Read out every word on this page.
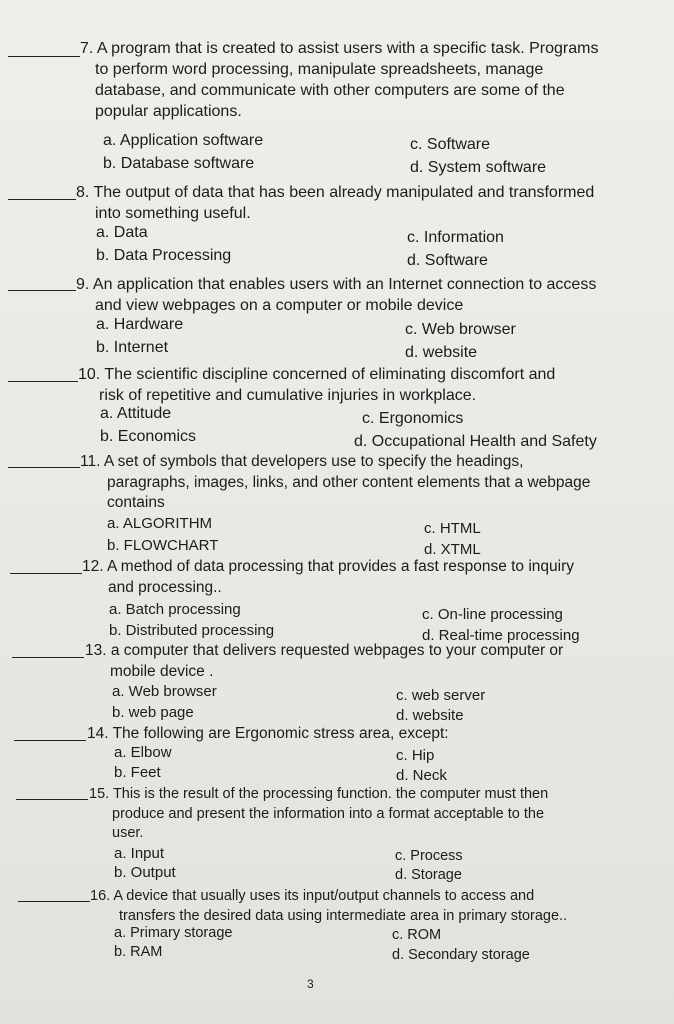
7. A program that is created to assist users with a specific task. Programs
to perform word processing, manipulate spreadsheets, manage
database, and communicate with other computers are some of the
popular applications.
a. Application software
b. Database software
c. Software
d. System software
8. The output of data that has been already manipulated and transformed
into something useful.
a. Data
b. Data Processing
c. Information
d. Software
9. An application that enables users with an Internet connection to access
and view webpages on a computer or mobile device
a. Hardware
b. Internet
c. Web browser
d. website
10. The scientific discipline concerned of eliminating discomfort and
risk of repetitive and cumulative injuries in workplace.
a. Attitude
b. Economics
c. Ergonomics
d. Occupational Health and Safety
11. A set of symbols that developers use to specify the headings,
paragraphs, images, links, and other content elements that a webpage
contains
a. ALGORITHM
b. FLOWCHART
c. HTML
d. XTML
12. A method of data processing that provides a fast response to inquiry
and processing..
a. Batch processing
b. Distributed processing
c. On-line processing
d. Real-time processing
13. a computer that delivers requested webpages to your computer or
mobile device .
a. Web browser
b. web page
c. web server
d. website
14. The following are Ergonomic stress area, except:
a. Elbow
b. Feet
c. Hip
d. Neck
15. This is the result of the processing function. the computer must then
produce and present the information into a format acceptable to the
user.
a. Input
b. Output
c. Process
d. Storage
16. A device that usually uses its input/output channels to access and
transfers the desired data using intermediate area in primary storage..
a. Primary storage
b. RAM
c. ROM
d. Secondary storage
3
